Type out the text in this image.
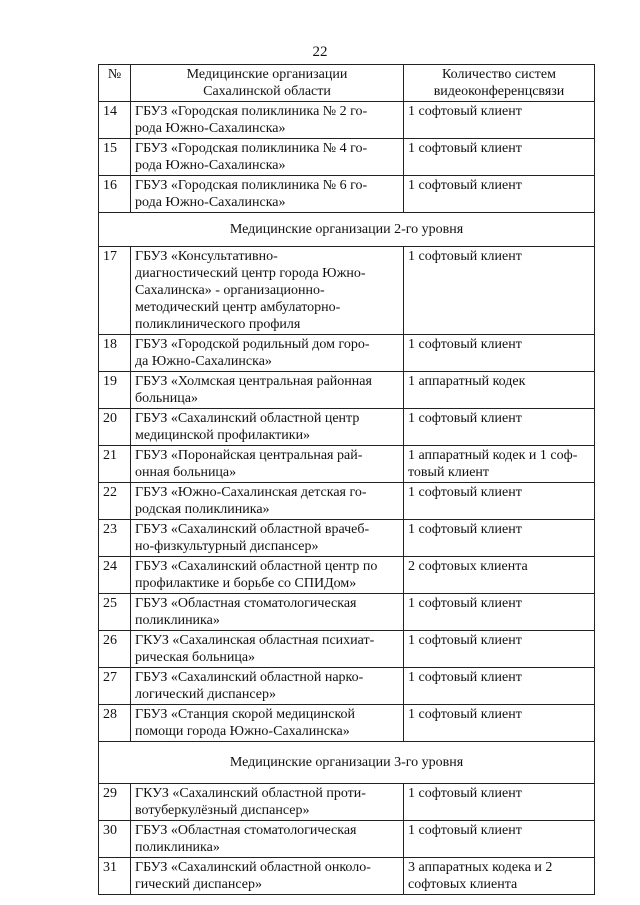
22
№	Медицинские организации
Сахалинской области	Количество систем
видеоконференцсвязи
14	ГБУЗ «Городская поликлиника № 2 го-
рода Южно-Сахалинска»	1 софтовый клиент
15	ГБУЗ «Городская поликлиника № 4 го-
рода Южно-Сахалинска»	1 софтовый клиент
16	ГБУЗ «Городская поликлиника № 6 го-
рода Южно-Сахалинска»	1 софтовый клиент
Медицинские организации 2-го уровня		
17	ГБУЗ «Консультативно-
диагностический центр города Южно-
Сахалинска» - организационно-
методический центр амбулаторно-
поликлинического профиля	1 софтовый клиент
18	ГБУЗ «Городской родильный дом горо-
да Южно-Сахалинска»	1 софтовый клиент
19	ГБУЗ «Холмская центральная районная
больница»	1 аппаратный кодек
20	ГБУЗ «Сахалинский областной центр
медицинской профилактики»	1 софтовый клиент
21	ГБУЗ «Поронайская центральная рай-
онная больница»	1 аппаратный кодек и 1 соф-
товый клиент
22	ГБУЗ «Южно-Сахалинская детская го-
родская поликлиника»	1 софтовый клиент
23	ГБУЗ «Сахалинский областной врачеб-
но-физкультурный диспансер»	1 софтовый клиент
24	ГБУЗ «Сахалинский областной центр по
профилактике и борьбе со СПИДом»	2 софтовых клиента
25	ГБУЗ «Областная стоматологическая
поликлиника»	1 софтовый клиент
26	ГКУЗ «Сахалинская областная психиат-
рическая больница»	1 софтовый клиент
27	ГБУЗ «Сахалинский областной нарко-
логический диспансер»	1 софтовый клиент
28	ГБУЗ «Станция скорой медицинской
помощи города Южно-Сахалинска»	1 софтовый клиент
Медицинские организации 3-го уровня		
29	ГКУЗ «Сахалинский областной проти-
вотуберкулёзный диспансер»	1 софтовый клиент
30	ГБУЗ «Областная стоматологическая
поликлиника»	1 софтовый клиент
31	ГБУЗ «Сахалинский областной онколо-
гический диспансер»	3 аппаратных кодека и 2
софтовых клиента
